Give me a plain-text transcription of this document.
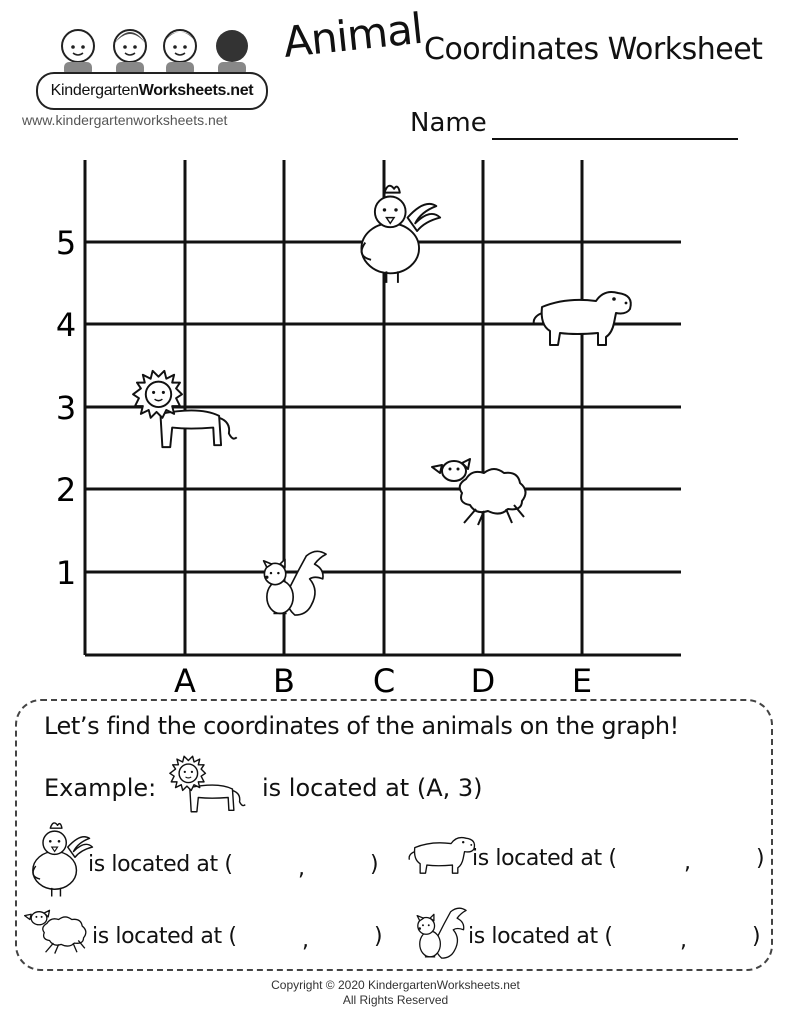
Kindergarten Worksheets.net
www.kindergartenworksheets.net
Animal Coordinates Worksheet
Name
5
4
3
2
1
A B C D E
Let’s find the coordinates of the animals on the graph!
Example:	is located at (A, 3)
is located at (	,	)	is located at (	,	)
is located at (	,	)	is located at (	,	)
Copyright © 2020 KindergartenWorksheets.net
All Rights Reserved
